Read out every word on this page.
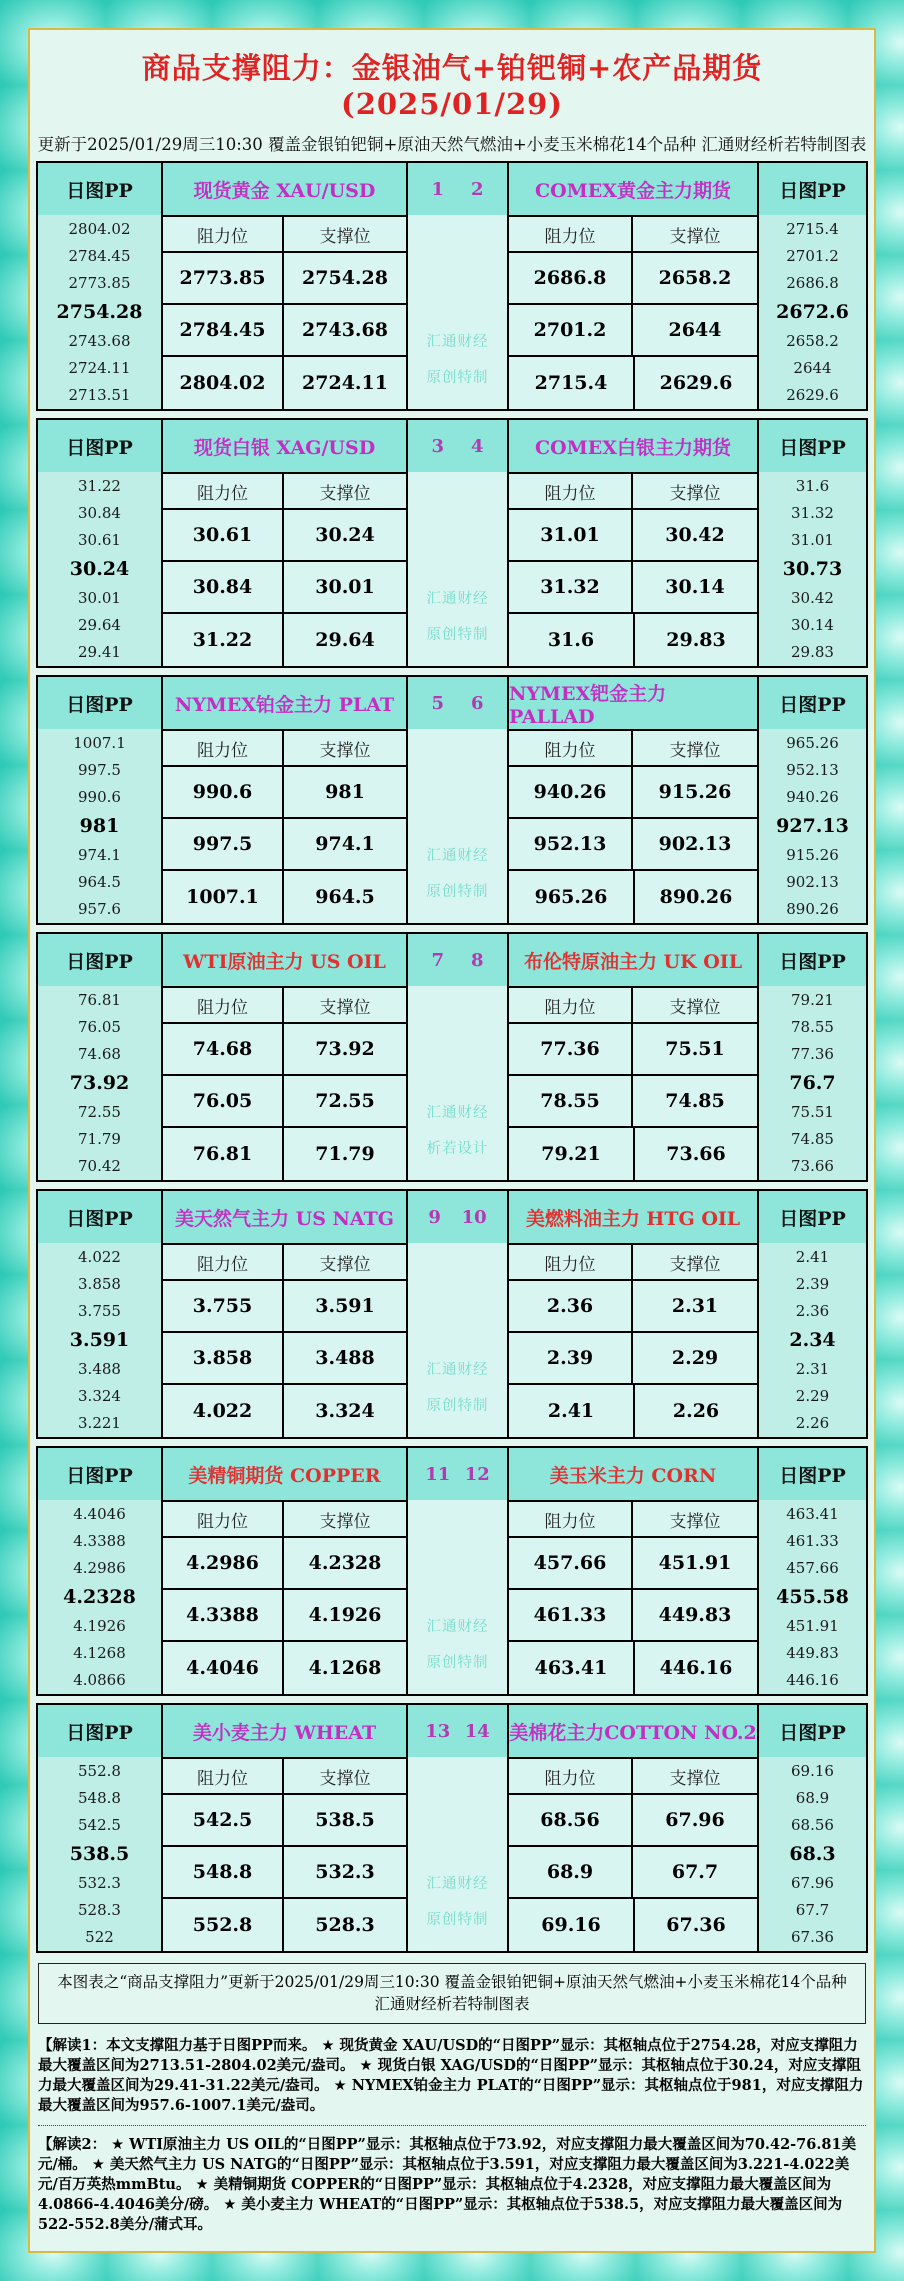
商品支撑阻力：金银油气+铂钯铜+农产品期货(2025/01/29)
更新于2025/01/29周三10:30 覆盖金银铂钯铜+原油天然气燃油+小麦玉米棉花14个品种 汇通财经析若特制图表
日图PP	现货黄金 XAU/USD	1 2	COMEX黄金主力期货	日图PP
2804.02
2784.45
2773.85
2754.28
2743.68
2724.11
2713.51
阻力位	支撑位
2773.85	2754.28
2784.45	2743.68
2804.02	2724.11
汇通财经
原创特制
阻力位	支撑位
2686.8	2658.2
2701.2	2644
2715.4	2629.6
2715.4
2701.2
2686.8
2672.6
2658.2
2644
2629.6
日图PP	现货白银 XAG/USD	3 4	COMEX白银主力期货	日图PP
31.22
30.84
30.61
30.24
30.01
29.64
29.41
阻力位	支撑位
30.61	30.24
30.84	30.01
31.22	29.64
汇通财经
原创特制
阻力位	支撑位
31.01	30.42
31.32	30.14
31.6	29.83
31.6
31.32
31.01
30.73
30.42
30.14
29.83
日图PP	NYMEX铂金主力 PLAT	5 6 NYMEX钯金主力 PALLAD
日图PP
1007.1
997.5
990.6
981
974.1
964.5
957.6
阻力位	支撑位
990.6	981
997.5	974.1
1007.1	964.5
汇通财经
原创特制
阻力位	支撑位
940.26	915.26
952.13	902.13
965.26	890.26
965.26
952.13
940.26
927.13
915.26
902.13
890.26
日图PP	WTI原油主力 US OIL	7 8	布伦特原油主力 UK OIL	日图PP
76.81
76.05
74.68
73.92
72.55
71.79
70.42
阻力位	支撑位
74.68	73.92
76.05	72.55
76.81	71.79
汇通财经
析若设计
阻力位	支撑位
77.36	75.51
78.55	74.85
79.21	73.66
79.21
78.55
77.36
76.7
75.51
74.85
73.66
日图PP	美天然气主力 US NATG	9 10	美燃料油主力 HTG OIL	日图PP
4.022
3.858
3.755
3.591
3.488
3.324
3.221
阻力位	支撑位
3.755	3.591
3.858	3.488
4.022	3.324
汇通财经
原创特制
阻力位	支撑位
2.36	2.31
2.39	2.29
2.41	2.26
2.41
2.39
2.36
2.34
2.31
2.29
2.26
日图PP	美精铜期货 COPPER	11 12	美玉米主力 CORN	日图PP
4.4046
4.3388
4.2986
4.2328
4.1926
4.1268
4.0866
阻力位	支撑位
4.2986	4.2328
4.3388	4.1926
4.4046	4.1268
汇通财经
原创特制
阻力位	支撑位
457.66	451.91
461.33	449.83
463.41	446.16
463.41
461.33
457.66
455.58
451.91
449.83
446.16
日图PP	美小麦主力 WHEAT	13 14 美棉花主力COTTON NO.2	日图PP
552.8
548.8
542.5
538.5
532.3
528.3
522
阻力位	支撑位
542.5	538.5
548.8	532.3
552.8	528.3
汇通财经
原创特制
阻力位	支撑位
68.56	67.96
68.9	67.7
69.16	67.36
69.16
68.9
68.56
68.3
67.96
67.7
67.36
本图表之“商品支撑阻力”更新于2025/01/29周三10:30 覆盖金银铂钯铜+原油天然气燃油+小麦玉米棉花14个品种 汇通财经析若特制图表
【解读1：本文支撑阻力基于日图PP而来。 ★ 现货黄金 XAU/USD的“日图PP”显示：其枢轴点位于2754.28，对应支撑阻力最大覆盖区间为2713.51-2804.02美元/盎司。 ★ 现货白银 XAG/USD的“日图PP”显示：其枢轴点位于30.24，对应支撑阻力最大覆盖区间为29.41-31.22美元/盎司。 ★ NYMEX铂金主力 PLAT的“日图PP”显示：其枢轴点位于981，对应支撑阻力最大覆盖区间为957.6-1007.1美元/盎司。
【解读2： ★ WTI原油主力 US OIL的“日图PP”显示：其枢轴点位于73.92，对应支撑阻力最大覆盖区间为70.42-76.81美元/桶。 ★ 美天然气主力 US NATG的“日图PP”显示：其枢轴点位于3.591，对应支撑阻力最大覆盖区间为3.221-4.022美元/百万英热mmBtu。 ★ 美精铜期货 COPPER的“日图PP”显示：其枢轴点位于4.2328，对应支撑阻力最大覆盖区间为4.0866-4.4046美分/磅。 ★ 美小麦主力 WHEAT的“日图PP”显示：其枢轴点位于538.5，对应支撑阻力最大覆盖区间为522-552.8美分/蒲式耳。
